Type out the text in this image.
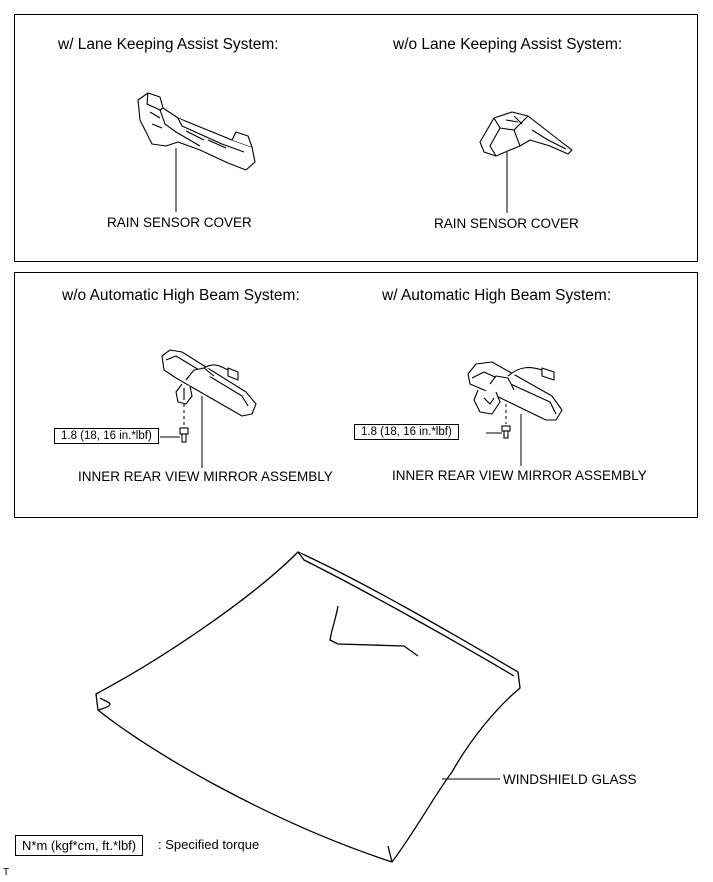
w/ Lane Keeping Assist System:	w/o Lane Keeping Assist System:
RAIN SENSOR COVER	RAIN SENSOR COVER
w/o Automatic High Beam System:	w/ Automatic High Beam System:
1.8 (18, 16 in.*lbf)	1.8 (18, 16 in.*lbf)
INNER REAR VIEW MIRROR ASSEMBLY	INNER REAR VIEW MIRROR ASSEMBLY
WINDSHIELD GLASS
N*m (kgf*cm, ft.*lbf)	: Specified torque
T
